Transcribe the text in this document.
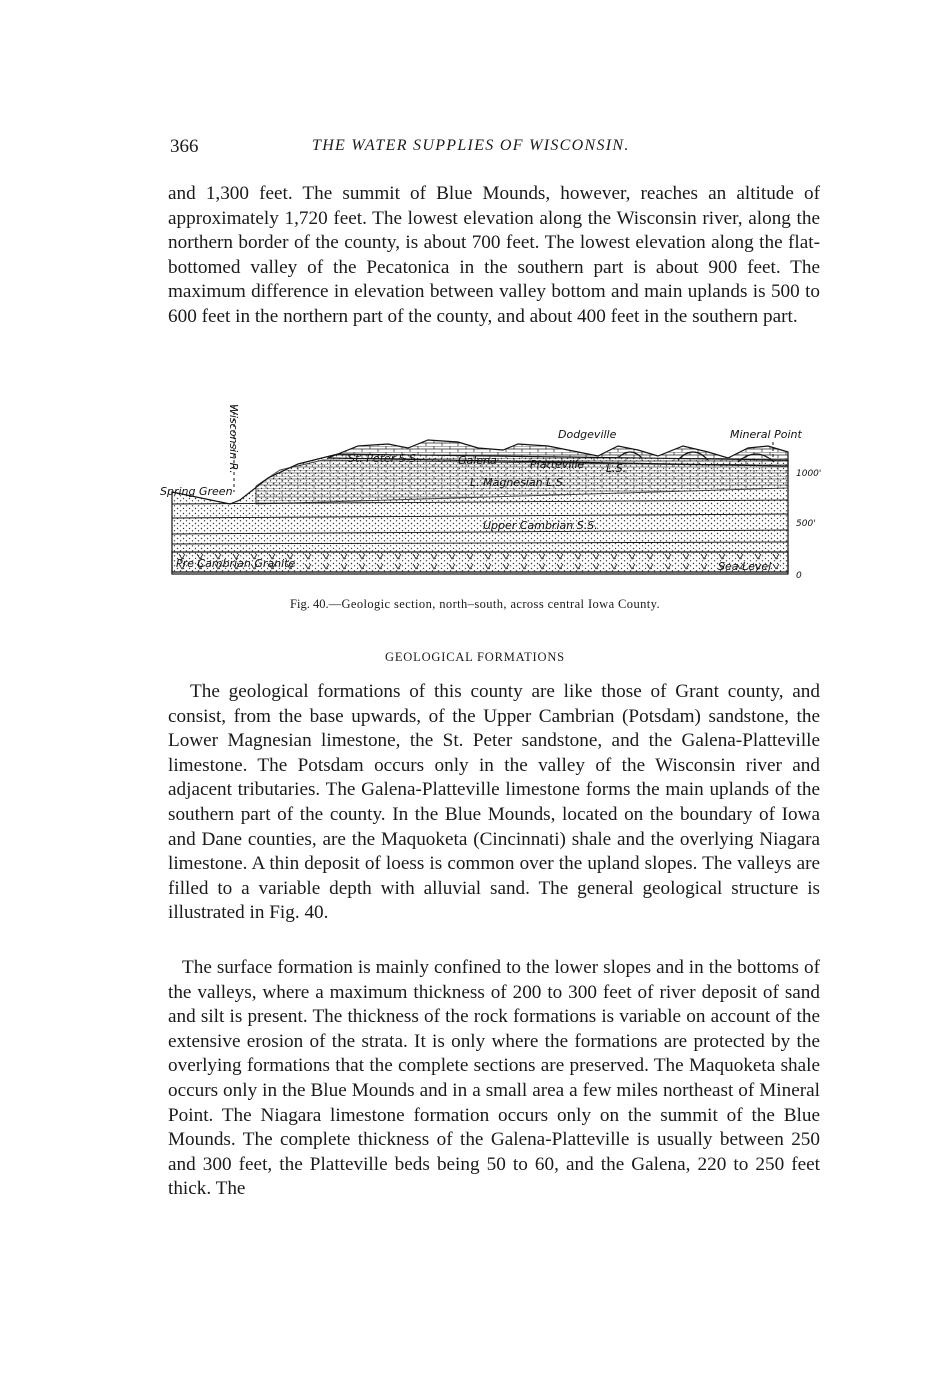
366	THE WATER SUPPLIES OF WISCONSIN.

and 1,300 feet. The summit of Blue Mounds, however, reaches an altitude of approximately 1,720 feet. The lowest elevation along the Wisconsin river, along the northern border of the county, is about 700 feet. The lowest elevation along the flat-bottomed valley of the Pecatonica in the southern part is about 900 feet. The maximum difference in elevation between valley bottom and main uplands is 500 to 600 feet in the northern part of the county, and about 400 feet in the southern part.

Wisconsin R.
Spring Green
Dodgeville	Mineral Point
St. Peter S.S.	Galena	Platteville L.S.
L. Magnesian L.S.
Upper Cambrian S.S.
Pre Cambrian Granite	Sea Level
1000'
500'
0
Fig. 40.—Geologic section, north–south, across central Iowa County.
GEOLOGICAL FORMATIONS

The geological formations of this county are like those of Grant county, and consist, from the base upwards, of the Upper Cambrian (Potsdam) sandstone, the Lower Magnesian limestone, the St. Peter sandstone, and the Galena-Platteville limestone. The Potsdam occurs only in the valley of the Wisconsin river and adjacent tributaries. The Galena-Platteville limestone forms the main uplands of the southern part of the county. In the Blue Mounds, located on the boundary of Iowa and Dane counties, are the Maquoketa (Cincinnati) shale and the overlying Niagara limestone. A thin deposit of loess is common over the upland slopes. The valleys are filled to a variable depth with alluvial sand. The general geological structure is illustrated in Fig. 40.

The surface formation is mainly confined to the lower slopes and in the bottoms of the valleys, where a maximum thickness of 200 to 300 feet of river deposit of sand and silt is present. The thickness of the rock formations is variable on account of the extensive erosion of the strata. It is only where the formations are protected by the overlying formations that the complete sections are preserved. The Maquoketa shale occurs only in the Blue Mounds and in a small area a few miles northeast of Mineral Point. The Niagara limestone formation occurs only on the summit of the Blue Mounds. The complete thickness of the Galena-Platteville is usually between 250 and 300 feet, the Platteville beds being 50 to 60, and the Galena, 220 to 250 feet thick. The
